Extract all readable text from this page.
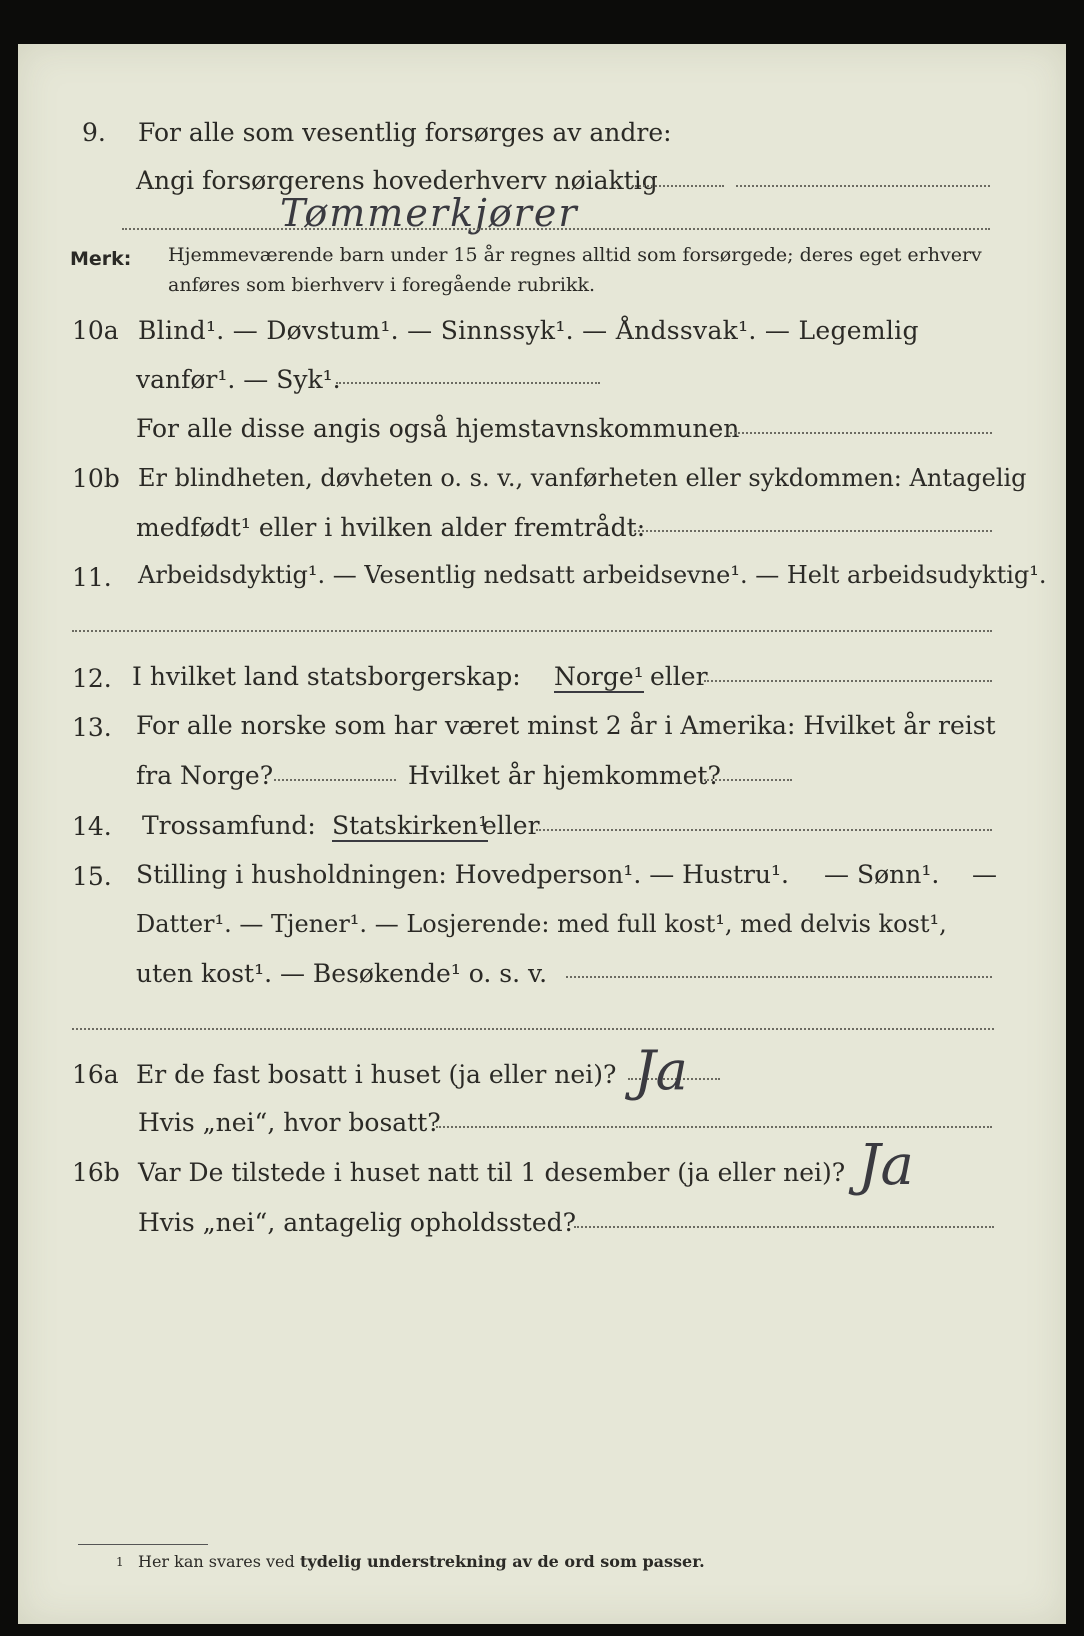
9. For alle som vesentlig forsørges av andre:
Angi forsørgerens hovederhverv nøiaktig
Tømmerkjører
Merk: Hjemmeværende barn under 15 år regnes alltid som forsørgede; deres eget erhverv
anføres som bierhverv i foregående rubrikk.
10a Blind¹. — Døvstum¹. — Sinnssyk¹. — Åndssvak¹. — Legemlig
vanfør¹. — Syk¹.
For alle disse angis også hjemstavnskommunen
10b Er blindheten, døvheten o. s. v., vanførheten eller sykdommen: Antagelig
medfødt¹ eller i hvilken alder fremtrådt:
11. Arbeidsdyktig¹. — Vesentlig nedsatt arbeidsevne¹. — Helt arbeidsudyktig¹.
12. I hvilket land statsborgerskap:	Norge¹ eller
13. For alle norske som har været minst 2 år i Amerika: Hvilket år reist
fra Norge?	Hvilket år hjemkommet?
14. Trossamfund: Statskirken¹
eller
15. Stilling i husholdningen: Hovedperson¹. — Hustru¹. — Sønn¹. —
Datter¹. — Tjener¹. — Losjerende: med full kost¹, med delvis kost¹,
uten kost¹. — Besøkende¹ o. s. v.
16a Er de fast bosatt i huset (ja eller nei)? Ja
Hvis „nei“, hvor bosatt?
16b Var De tilstede i huset natt til 1 desember (ja eller nei)? Ja
Hvis „nei“, antagelig opholdssted?
1 Her kan svares ved tydelig understrekning av de ord som passer.
